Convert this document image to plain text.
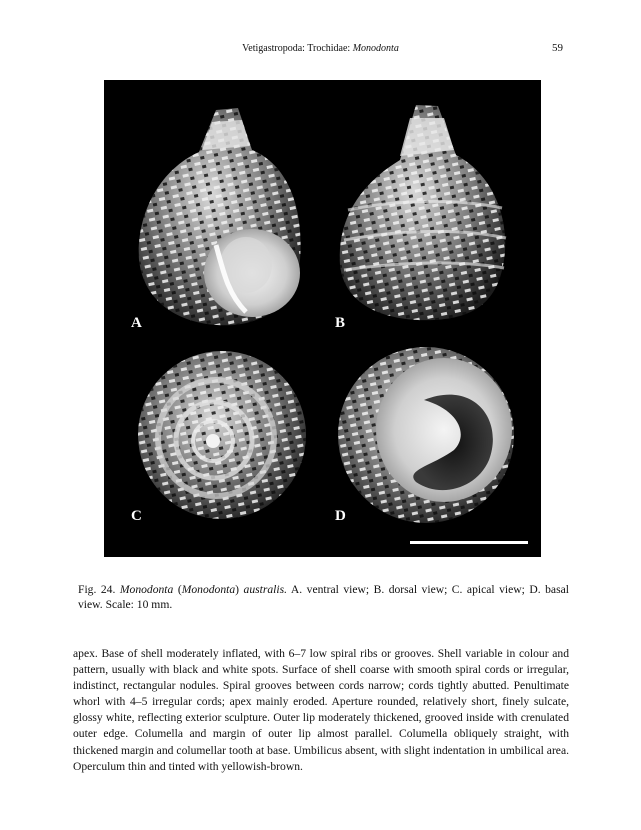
Vetigastropoda: Trochidae: Monodonta	59
A	B
C	D
Fig. 24. Monodonta (Monodonta) australis. A. ventral view; B. dorsal view; C. apical view; D. basal view. Scale: 10 mm.

apex. Base of shell moderately inflated, with 6–7 low spiral ribs or grooves. Shell variable in colour and pattern, usually with black and white spots. Surface of shell coarse with smooth spiral cords or irregular, indistinct, rectangular nodules. Spiral grooves between cords narrow; cords tightly abutted. Penultimate whorl with 4–5 irregular cords; apex mainly eroded. Aperture rounded, relatively short, finely sulcate, glossy white, reflecting exterior sculpture. Outer lip moderately thickened, grooved inside with crenulated outer edge. Columella and margin of outer lip almost parallel. Columella obliquely straight, with thickened margin and columellar tooth at base. Umbilicus absent, with slight indentation in umbilical area. Operculum thin and tinted with yellowish-brown.
